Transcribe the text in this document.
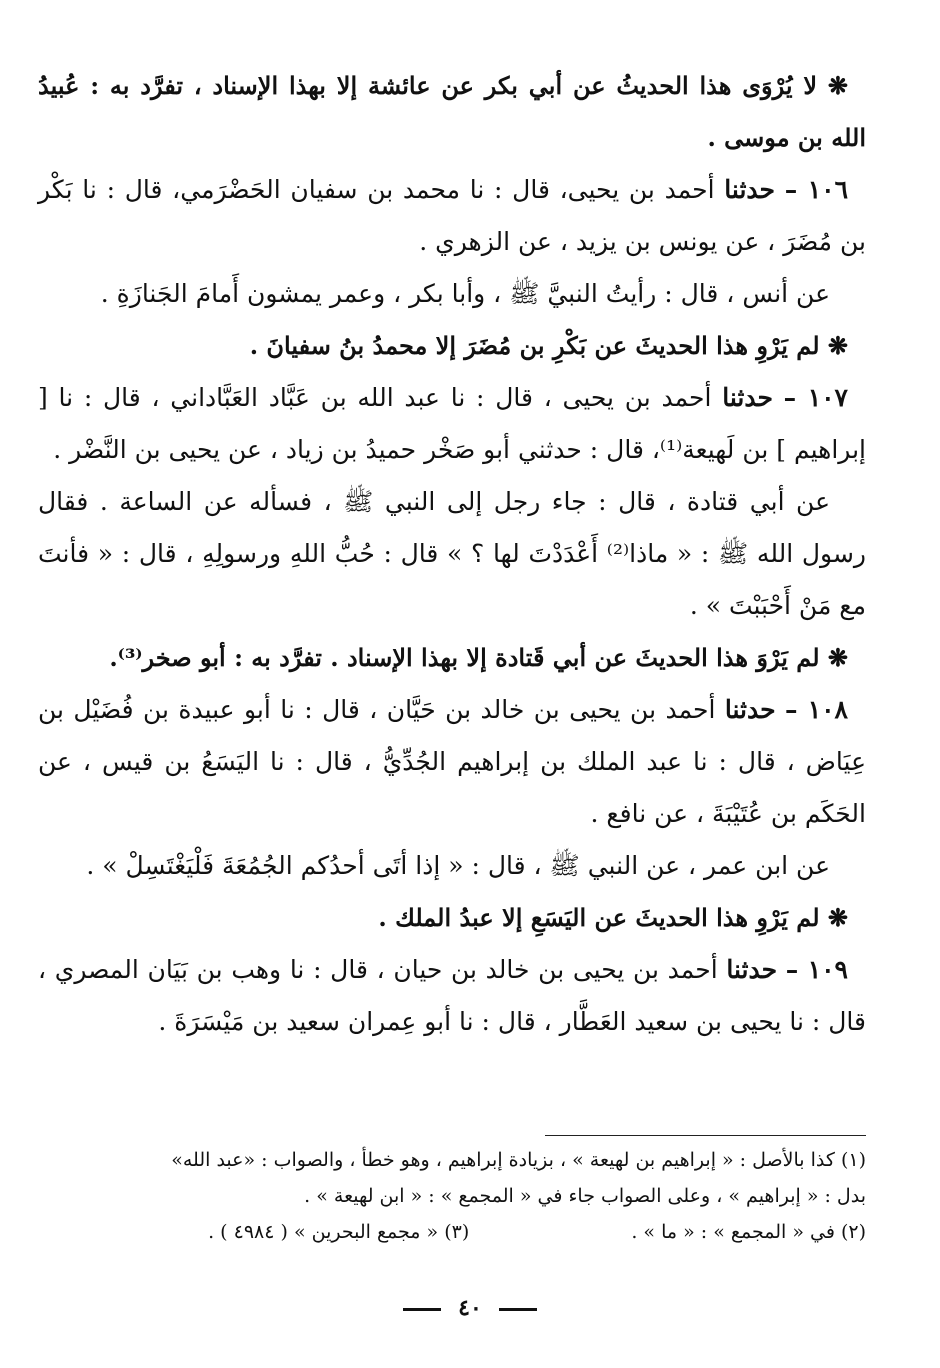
❋ لا يُرْوَى هذا الحديثُ عن أبي بكر عن عائشة إلا بهذا الإسناد ، تفرَّد به : عُبيدُ الله بن موسى .

١٠٦ – حدثنا أحمد بن يحيى، قال : نا محمد بن سفيان الحَضْرَمي، قال : نا بَكْر بن مُضَرَ ، عن يونس بن يزيد ، عن الزهري .

عن أنس ، قال : رأيتُ النبيَّ ﷺ ، وأبا بكر ، وعمر يمشون أَمامَ الجَنازَةِ .

❋ لم يَرْوِ هذا الحديثَ عن بَكْرِ بن مُضَرَ إلا محمدُ بنُ سفيانَ .

١٠٧ – حدثنا أحمد بن يحيى ، قال : نا عبد الله بن عَبَّاد العَبَّاداني ، قال : نا [ إبراهيم ] بن لَهيعة⁽¹⁾، قال : حدثني أبو صَخْر حميدُ بن زياد ، عن يحيى بن النَّضْر .

عن أبي قتادة ، قال : جاء رجل إلى النبي ﷺ ، فسأله عن الساعة . فقال رسول الله ﷺ : « ماذا⁽²⁾ أَعْدَدْتَ لها ؟ » قال : حُبُّ اللهِ ورسولِهِ ، قال : « فأنتَ مع مَنْ أَحْبَبْتَ » .

❋ لم يَرْوَ هذا الحديثَ عن أبي قَتادة إلا بهذا الإسناد . تفرَّد به : أبو صخر⁽³⁾.

١٠٨ – حدثنا أحمد بن يحيى بن خالد بن حَيَّان ، قال : نا أبو عبيدة بن فُضَيْل بن عِيَاض ، قال : نا عبد الملك بن إبراهيم الجُدِّيُّ ، قال : نا اليَسَعُ بن قيس ، عن الحَكَم بن عُتَيْبَةَ ، عن نافع .

عن ابن عمر ، عن النبي ﷺ ، قال : « إذا أتَى أحدُكم الجُمُعَةَ فَلْيَغْتَسِلْ » .

❋ لم يَرْوِ هذا الحديثَ عن اليَسَعِ إلا عبدُ الملك .

١٠٩ – حدثنا أحمد بن يحيى بن خالد بن حيان ، قال : نا وهب بن بَيَان المصري ، قال : نا يحيى بن سعيد العَطَّار ، قال : نا أبو عِمران سعيد بن مَيْسَرَةَ .

(١) كذا بالأصل : « إبراهيم بن لهيعة » ، بزيادة إبراهيم ، وهو خطأ ، والصواب : «عبد الله»

بدل : « إبراهيم » ، وعلى الصواب جاء في « المجمع » : « ابن لهيعة » .

(٢) في « المجمع » : « ما » .  (٣) « مجمع البحرين » ( ٤٩٨٤ ) .

٤٠
